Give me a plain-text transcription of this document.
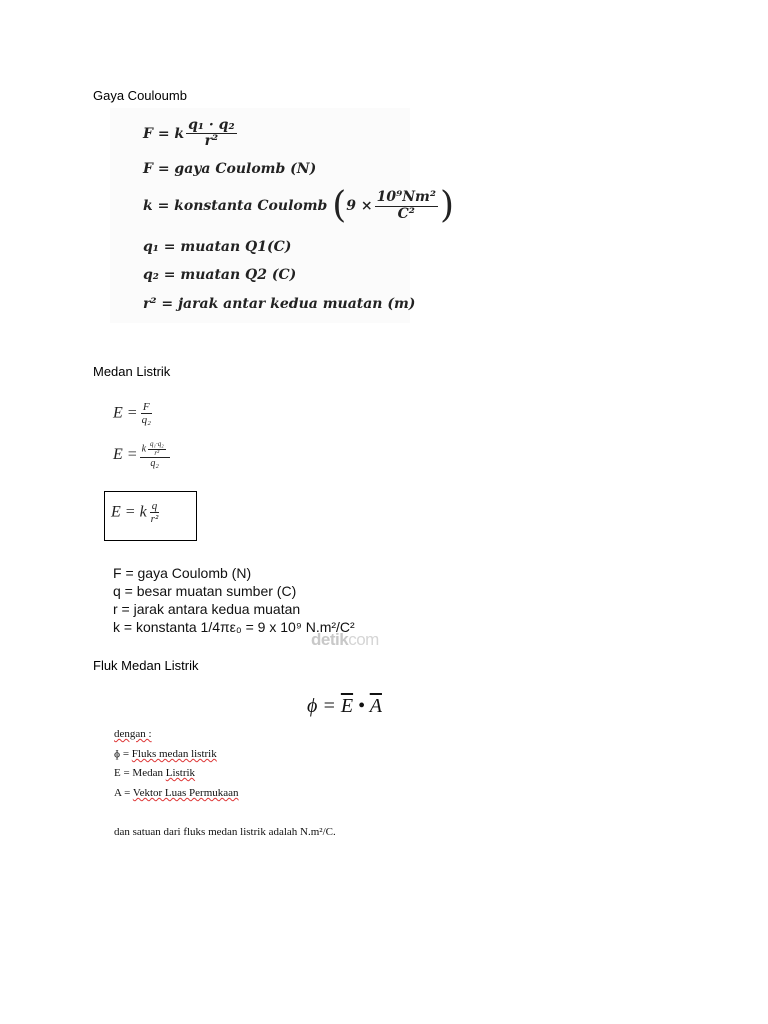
Gaya Couloumb
Medan Listrik
Fluk Medan Listrik
F = k $\frac{\text{q₁ · q₂}}{\text{r²}}$
F = gaya Coulomb (N)
k = konstanta Coulomb ($9 \times \frac{\text{10⁹Nm²}}{\text{C²}}$ )
q₁ = muatan Q1(C)
q₂ = muatan Q2 (C)
r² = jarak antar kedua muatan (m)
$E = \frac{F}{\text{q₂}}$
$E = \frac{k \frac{\text{q₁·q₂}}{\text{r²}}}{\text{q₂}}$
E = k $\frac{q}{\text{r²}}$
F = gaya Coulomb (N)
q = besar muatan sumber (C)
r = jarak antara kedua muatan
k = konstanta 1/4πε₀ = 9 x 10⁹ N.m²/C²
detikcom
$\phi = \overline{E}$ • $\overline{A}$
dengan :
ɸ = Fluks medan listrik
E = Medan Listrik
A = Vektor Luas Permukaan
dan satuan dari fluks medan listrik adalah N.m²/C.
